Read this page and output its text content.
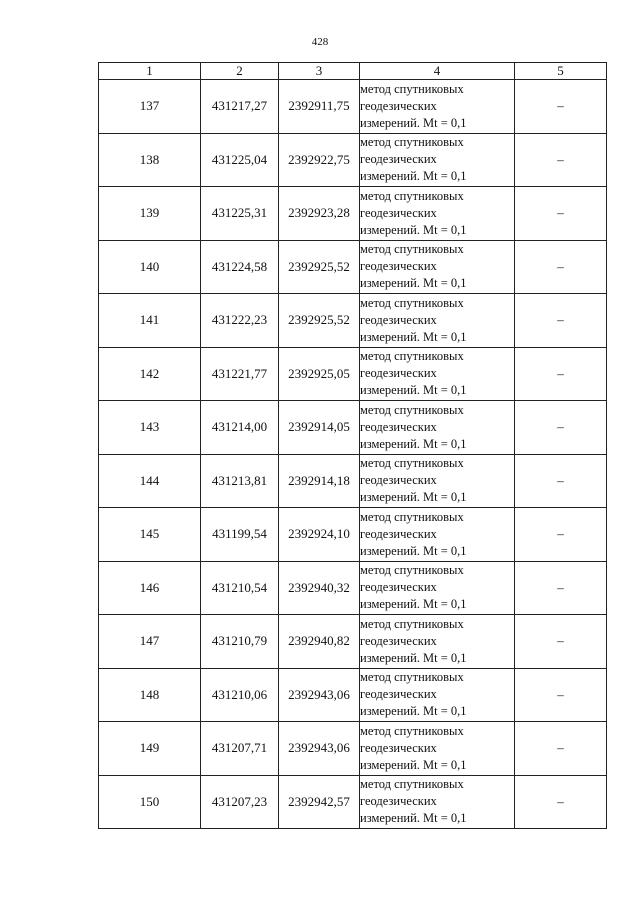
428
1	2	3	4	5
137	431217,27	2392911,75	метод спутниковых
геодезических
измерений. Mt = 0,1	–
138	431225,04	2392922,75	метод спутниковых
геодезических
измерений. Mt = 0,1	–
139	431225,31	2392923,28	метод спутниковых
геодезических
измерений. Mt = 0,1	–
140	431224,58	2392925,52	метод спутниковых
геодезических
измерений. Mt = 0,1	–
141	431222,23	2392925,52	метод спутниковых
геодезических
измерений. Mt = 0,1	–
142	431221,77	2392925,05	метод спутниковых
геодезических
измерений. Mt = 0,1	–
143	431214,00	2392914,05	метод спутниковых
геодезических
измерений. Mt = 0,1	–
144	431213,81	2392914,18	метод спутниковых
геодезических
измерений. Mt = 0,1	–
145	431199,54	2392924,10	метод спутниковых
геодезических
измерений. Mt = 0,1	–
146	431210,54	2392940,32	метод спутниковых
геодезических
измерений. Mt = 0,1	–
147	431210,79	2392940,82	метод спутниковых
геодезических
измерений. Mt = 0,1	–
148	431210,06	2392943,06	метод спутниковых
геодезических
измерений. Mt = 0,1	–
149	431207,71	2392943,06	метод спутниковых
геодезических
измерений. Mt = 0,1	–
150	431207,23	2392942,57	метод спутниковых
геодезических
измерений. Mt = 0,1	–
